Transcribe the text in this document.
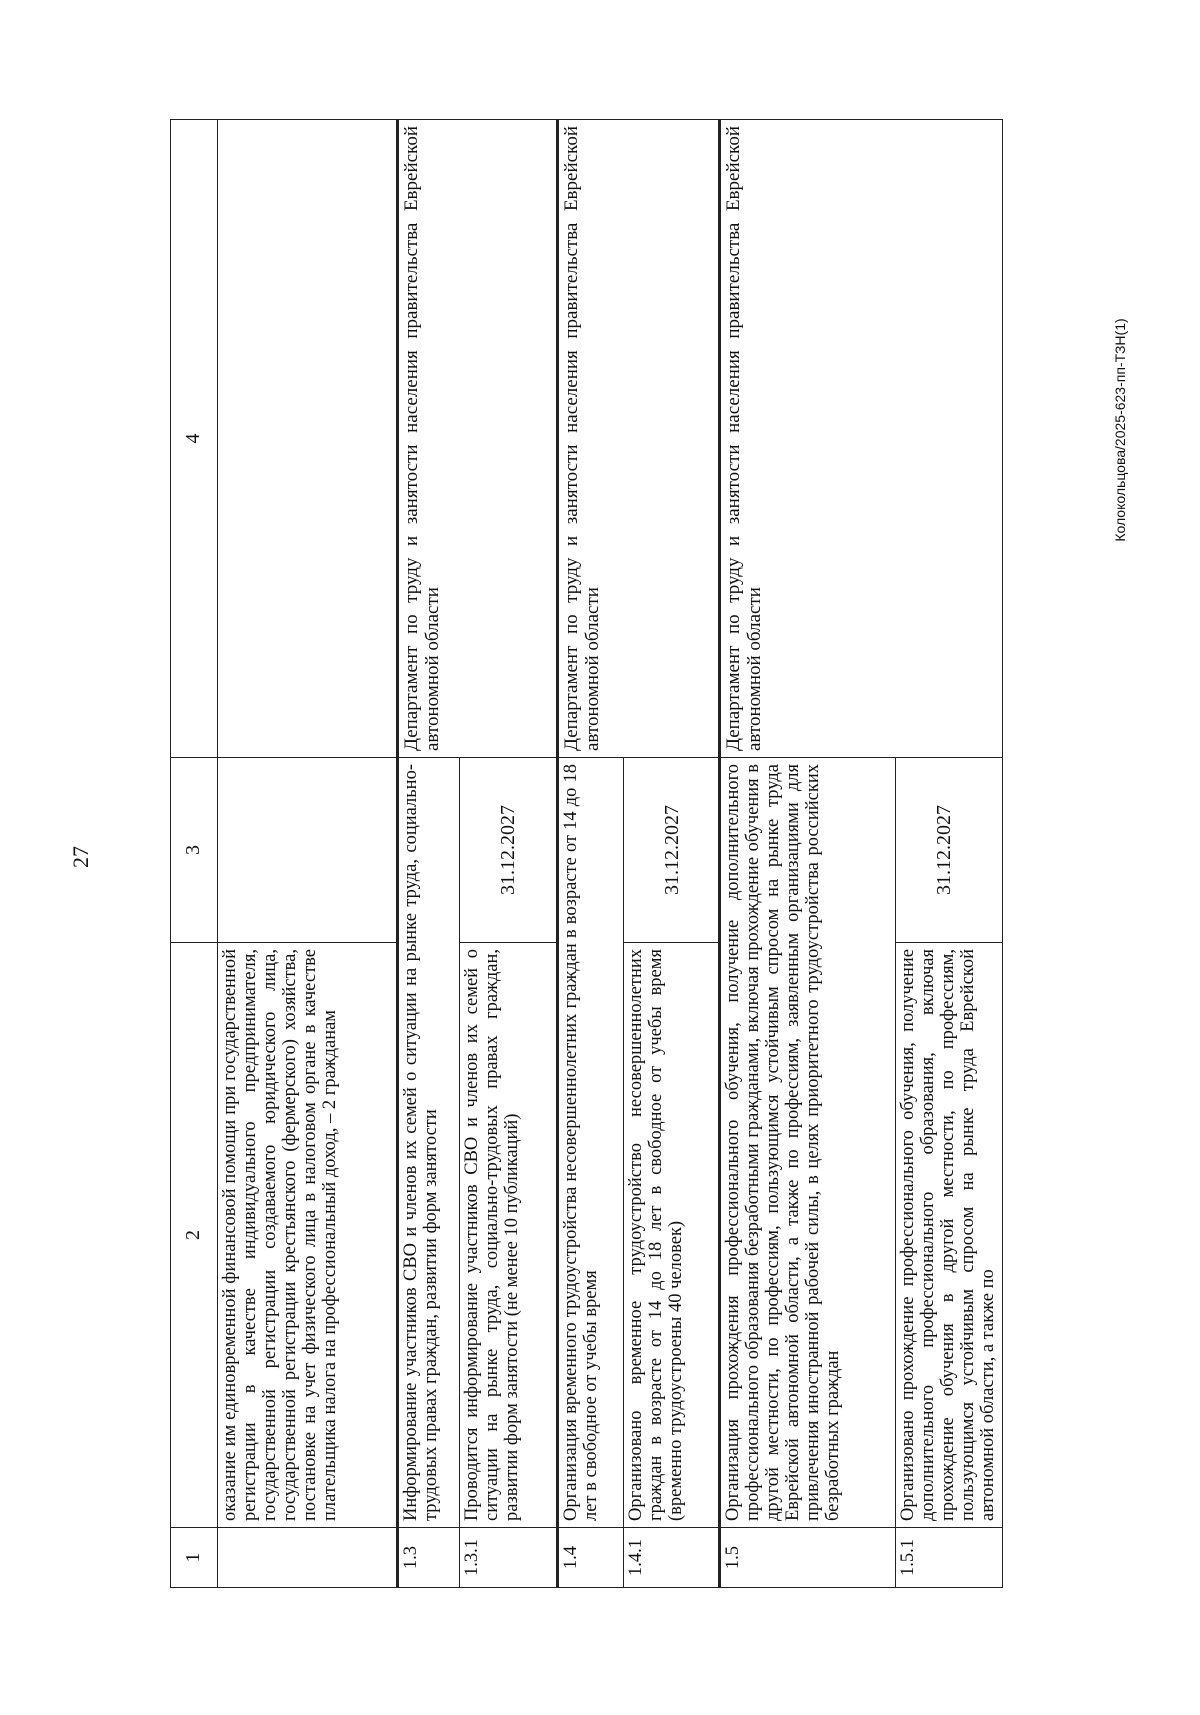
27
Колокольцова/2025-623-пп-ТЗН(1)
1	2	3	4
	оказание им единовременной финансовой помощи при государственной регистрации в качестве индивидуального предпринимателя, государственной регистрации создаваемого юридического лица, государственной регистрации крестьянского (фермерского) хозяйства, постановке на учет физического лица в налоговом органе в качестве плательщика налога на профессиональный доход, – 2 гражданам		
1.3	Информирование участников СВО и членов их семей о ситуации на рынке труда, социально-трудовых правах граждан, развитии форм занятости		Департамент по труду и занятости населения правительства Еврейской автономной области
1.3.1	Проводится информирование участников СВО и членов их семей о ситуации на рынке труда, социально-трудовых правах граждан, развитии форм занятости (не менее 10 публикаций)	31.12.2027	
1.4	Организация временного трудоустройства несовершеннолетних граждан в возрасте от 14 до 18 лет в свободное от учебы время		Департамент по труду и занятости населения правительства Еврейской автономной области
1.4.1	Организовано временное трудоустройство несовершеннолетних граждан в возрасте от 14 до 18 лет в свободное от учебы время (временно трудоустроены 40 человек)	31.12.2027	
1.5	Организация прохождения профессионального обучения, получение дополнительного профессионального образования безработными гражданами, включая прохождение обучения в другой местности, по профессиям, пользующимся устойчивым спросом на рынке труда Еврейской автономной области, а также по профессиям, заявленным организациями для привлечения иностранной рабочей силы, в целях приоритетного трудоустройства российских безработных граждан		Департамент по труду и занятости населения правительства Еврейской автономной области
1.5.1	Организовано прохождение профессионального обучения, получение дополнительного профессионального образования, включая прохождение обучения в другой местности, по профессиям, пользующимся устойчивым спросом на рынке труда Еврейской автономной области, а также по	31.12.2027	
